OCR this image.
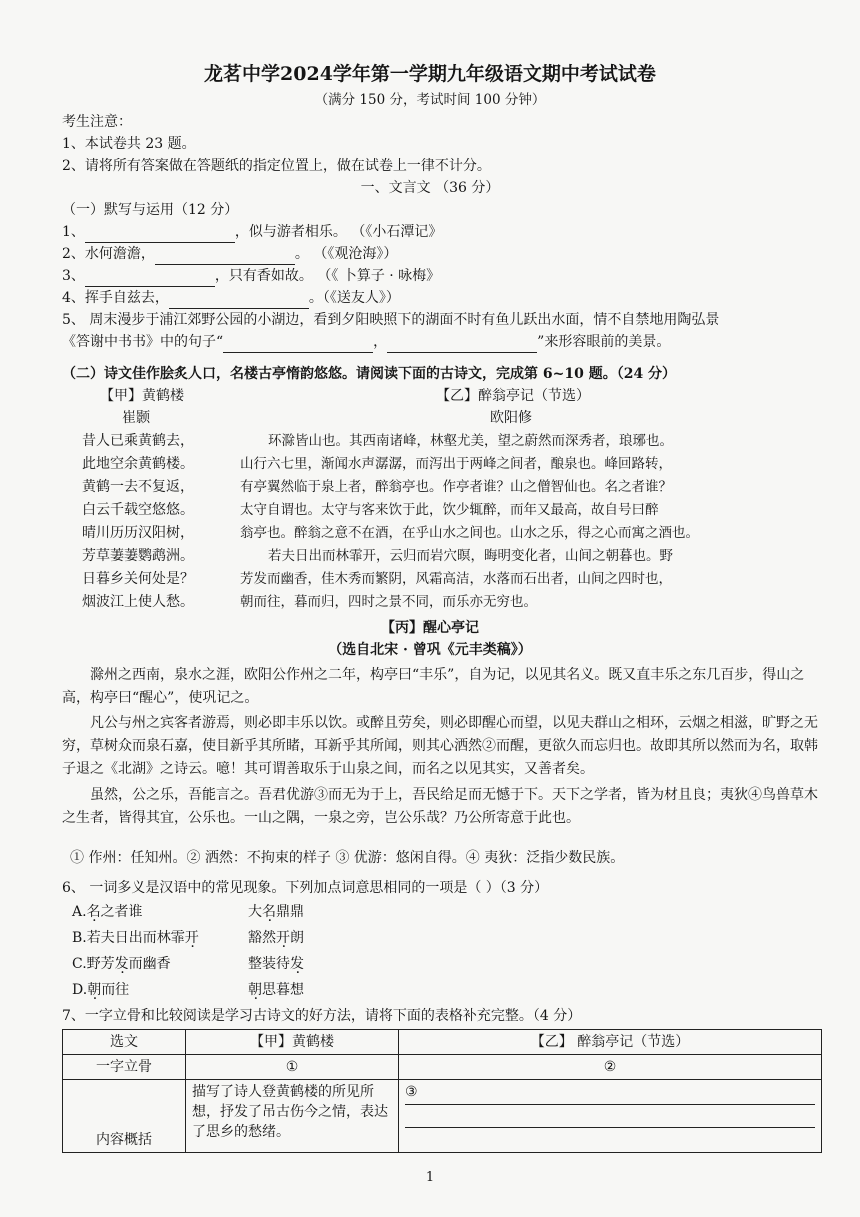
龙茗中学2024学年第一学期九年级语文期中考试试卷
（满分 150 分，考试时间 100 分钟）
考生注意：
1、本试卷共 23 题。
2、请将所有答案做在答题纸的指定位置上，做在试卷上一律不计分。
一、文言文 （36 分）
（一）默写与运用（12 分）
1、	，似与游者相乐。 （《小石潭记》
2、水何澹澹，	。 （《观沧海》）
3、	，只有香如故。 （《 卜算子 · 咏梅》
4、挥手自兹去，	。（《送友人》）
5、 周末漫步于浦江郊野公园的小湖边，看到夕阳映照下的湖面不时有鱼儿跃出水面，情不自禁地用陶弘景
《答谢中书书》中的句子“	，	”来形容眼前的美景。
（二）诗文佳作脍炙人口，名楼古亭惰韵悠悠。请阅读下面的古诗文，完成第 6~10 题。（24 分）
【甲】黄鹤楼
崔颢
昔人已乘黄鹤去，
此地空余黄鹤楼。
黄鹤一去不复返，
白云千载空悠悠。
晴川历历汉阳树，
芳草萋萋鹦鹉洲。
日暮乡关何处是？
烟波江上使人愁。
【乙】醉翁亭记（节选）
欧阳修
环滁皆山也。其西南诸峰，林壑尤美，望之蔚然而深秀者，琅琊也。
山行六七里，渐闻水声潺潺，而泻出于两峰之间者，酿泉也。峰回路转，
有亭翼然临于泉上者，醉翁亭也。作亭者谁？山之僧智仙也。名之者谁？
太守自谓也。太守与客来饮于此，饮少辄醉，而年又最高，故自号曰醉
翁亭也。醉翁之意不在酒，在乎山水之间也。山水之乐，得之心而寓之酒也。
若夫日出而林霏开，云归而岩穴暝，晦明变化者，山间之朝暮也。野
芳发而幽香，佳木秀而繁阴，风霜高洁，水落而石出者，山间之四时也，
朝而往，暮而归，四时之景不同，而乐亦无穷也。
【丙】醒心亭记
（选自北宋 · 曾巩《元丰类稿》）
滁州之西南，泉水之涯，欧阳公作州之二年，构亭曰“丰乐”，自为记，以见其名义。既又直丰乐之东几百步，得山之高，构亭曰“醒心”，使巩记之。
凡公与州之宾客者游焉，则必即丰乐以饮。或醉且劳矣，则必即醒心而望，以见夫群山之相环，云烟之相滋，旷野之无穷，草树众而泉石嘉，使目新乎其所睹，耳新乎其所闻，则其心洒然②而醒，更欲久而忘归也。故即其所以然而为名，取韩子退之《北湖》之诗云。噫！其可谓善取乐于山泉之间，而名之以见其实，又善者矣。
虽然，公之乐，吾能言之。吾君优游③而无为于上，吾民给足而无憾于下。天下之学者，皆为材且良；夷狄④鸟兽草木之生者，皆得其宜，公乐也。一山之隅，一泉之旁，岂公乐哉？乃公所寄意于此也。
① 作州：任知州。② 洒然：不拘束的样子 ③ 优游：悠闲自得。④ 夷狄：泛指少数民族。
6、 一词多义是汉语中的常见现象。下列加点词意思相同的一项是（ ）（3 分）
A.名之者谁	大名鼎鼎
B.若夫日出而林霏开	豁然开朗
C.野芳发而幽香	整装待发
D.朝而往	朝思暮想
7、一字立骨和比较阅读是学习古诗文的好方法，请将下面的表格补充完整。（4 分）
选文	【甲】黄鹤楼	【乙】 醉翁亭记（节选）
一字立骨	①	②
内容概括	描写了诗人登黄鹤楼的所见所想，抒发了吊古伤今之情，表达了思乡的愁绪。	③
1
